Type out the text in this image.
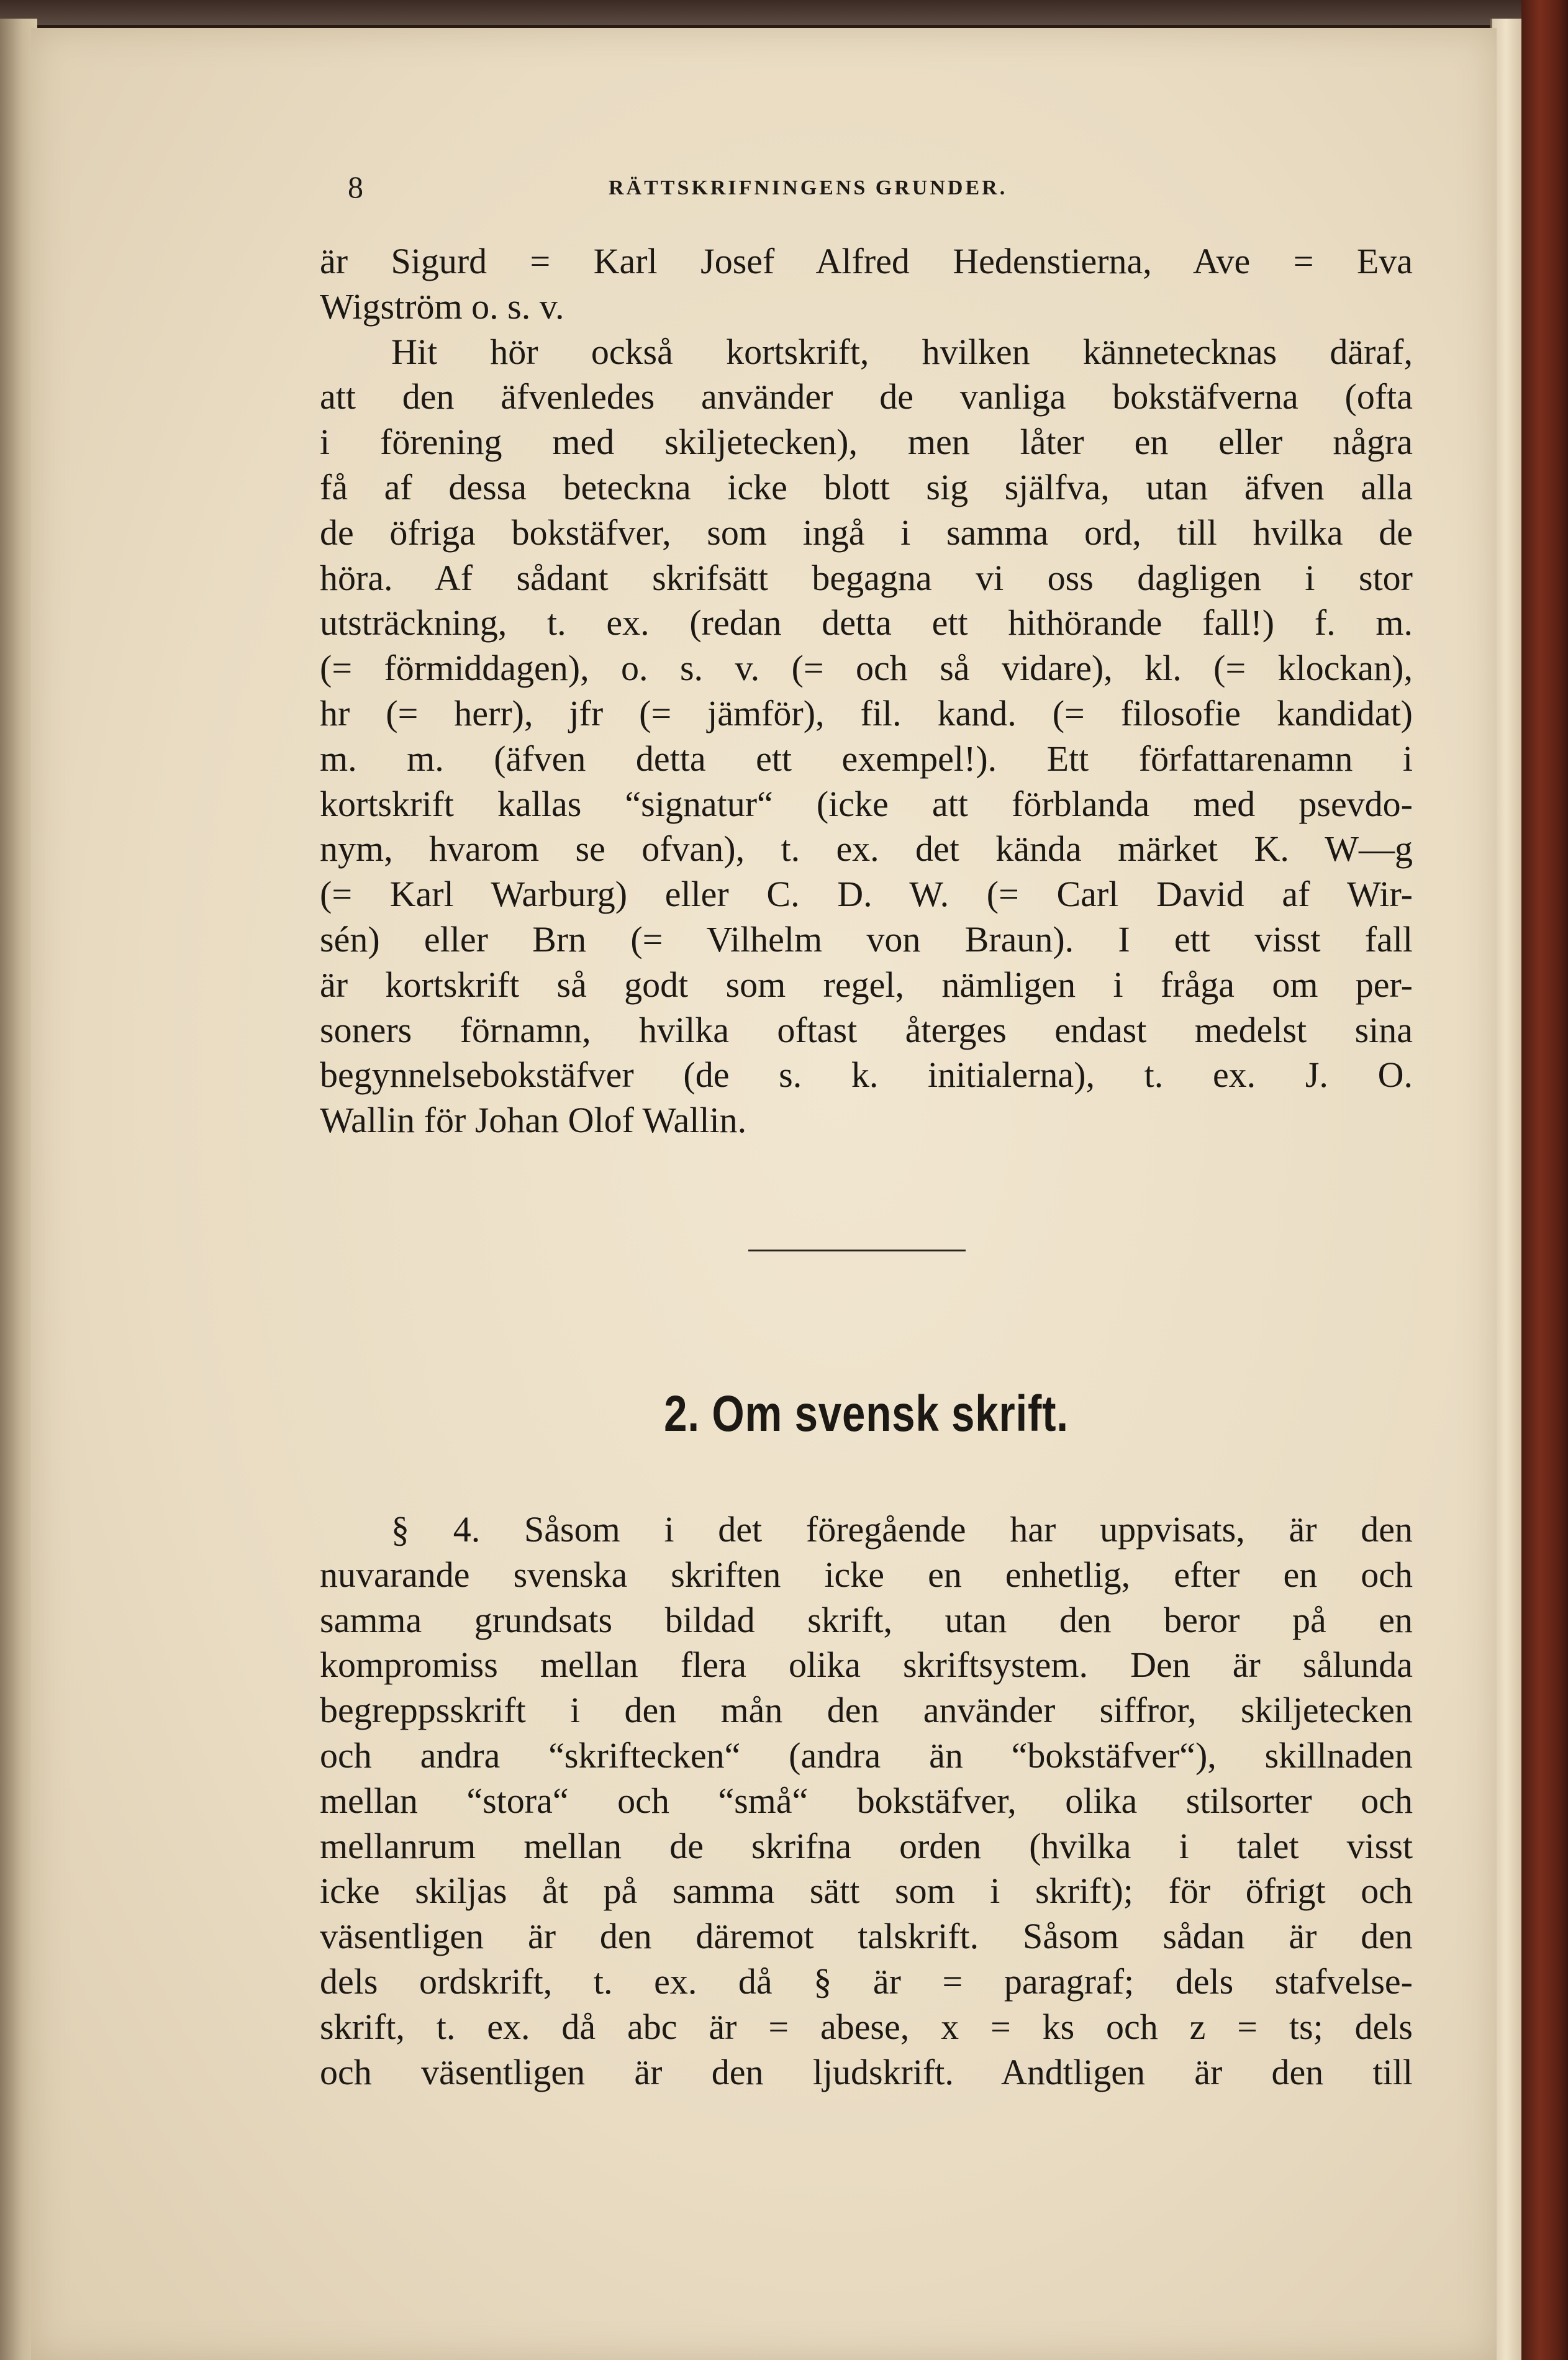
8	RÄTTSKRIFNINGENS GRUNDER.
är Sigurd = Karl Josef Alfred Hedenstierna, Ave = Eva
Wigström o. s. v.
Hit hör också kortskrift, hvilken kännetecknas däraf,
att den äfvenledes använder de vanliga bokstäfverna (ofta
i förening med skiljetecken), men låter en eller några
få af dessa beteckna icke blott sig själfva, utan äfven alla
de öfriga bokstäfver, som ingå i samma ord, till hvilka de
höra. Af sådant skrifsätt begagna vi oss dagligen i stor
utsträckning, t. ex. (redan detta ett hithörande fall!) f. m.
(= förmiddagen), o. s. v. (= och så vidare), kl. (= klockan),
hr (= herr), jfr (= jämför), fil. kand. (= filosofie kandidat)
m. m. (äfven detta ett exempel!). Ett författarenamn i
kortskrift kallas “signatur“ (icke att förblanda med psevdo-
nym, hvarom se ofvan), t. ex. det kända märket K. W—g
(= Karl Warburg) eller C. D. W. (= Carl David af Wir-
sén) eller Brn (= Vilhelm von Braun). I ett visst fall
är kortskrift så godt som regel, nämligen i fråga om per-
soners förnamn, hvilka oftast återges endast medelst sina
begynnelsebokstäfver (de s. k. initialerna), t. ex. J. O.
Wallin för Johan Olof Wallin.
2. Om svensk skrift.
§ 4. Såsom i det föregående har uppvisats, är den
nuvarande svenska skriften icke en enhetlig, efter en och
samma grundsats bildad skrift, utan den beror på en
kompromiss mellan flera olika skriftsystem. Den är sålunda
begreppsskrift i den mån den använder siffror, skiljetecken
och andra “skriftecken“ (andra än “bokstäfver“), skillnaden
mellan “stora“ och “små“ bokstäfver, olika stilsorter och
mellanrum mellan de skrifna orden (hvilka i talet visst
icke skiljas åt på samma sätt som i skrift); för öfrigt och
väsentligen är den däremot talskrift. Såsom sådan är den
dels ordskrift, t. ex. då § är = paragraf; dels stafvelse-
skrift, t. ex. då abc är = abese, x = ks och z = ts; dels
och väsentligen är den ljudskrift. Andtligen är den till
